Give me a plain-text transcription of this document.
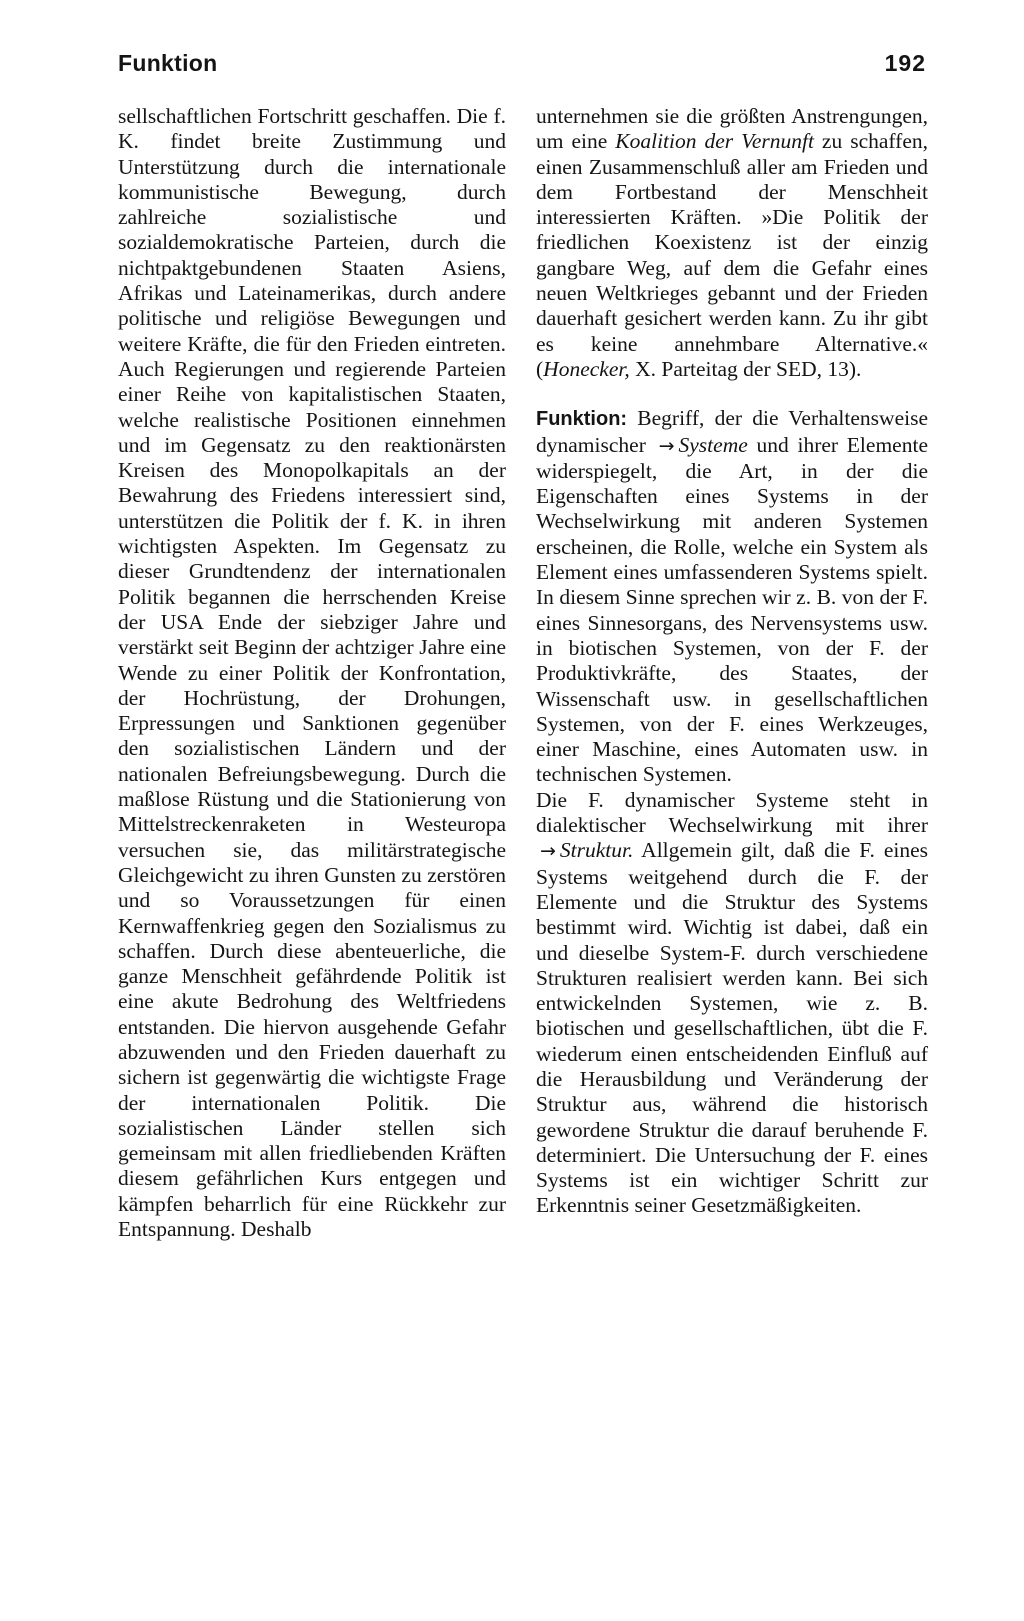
Funktion	192

sellschaftlichen Fortschritt geschaffen. Die f. K. findet breite Zustimmung und Unterstützung durch die internationale kommunistische Bewegung, durch zahlreiche sozialistische und sozialdemokratische Parteien, durch die nichtpaktgebundenen Staaten Asiens, Afrikas und Lateinamerikas, durch andere politische und religiöse Bewegungen und weitere Kräfte, die für den Frieden eintreten. Auch Regierungen und regierende Parteien einer Reihe von kapitalistischen Staaten, welche realistische Positionen einnehmen und im Gegensatz zu den reaktionärsten Kreisen des Monopolkapitals an der Bewahrung des Friedens interessiert sind, unterstützen die Politik der f. K. in ihren wichtigsten Aspekten. Im Gegensatz zu dieser Grundtendenz der internationalen Politik begannen die herrschenden Kreise der USA Ende der siebziger Jahre und verstärkt seit Beginn der achtziger Jahre eine Wende zu einer Politik der Konfrontation, der Hochrüstung, der Drohungen, Erpressungen und Sanktionen gegenüber den sozialistischen Ländern und der nationalen Befreiungsbewegung. Durch die maßlose Rüstung und die Stationierung von Mittelstreckenraketen in Westeuropa versuchen sie, das militärstrategische Gleichgewicht zu ihren Gunsten zu zerstören und so Voraussetzungen für einen Kernwaffenkrieg gegen den Sozialismus zu schaffen. Durch diese abenteuerliche, die ganze Menschheit gefährdende Politik ist eine akute Bedrohung des Weltfriedens entstanden. Die hiervon ausgehende Gefahr abzuwenden und den Frieden dauerhaft zu sichern ist gegenwärtig die wichtigste Frage der internationalen Politik. Die sozialistischen Länder stellen sich gemeinsam mit allen friedliebenden Kräften diesem gefährlichen Kurs entgegen und kämpfen beharrlich für eine Rückkehr zur Entspannung. Deshalb

unternehmen sie die größten Anstrengungen, um eine Koalition der Vernunft zu schaffen, einen Zusammenschluß aller am Frieden und dem Fortbestand der Menschheit interessierten Kräften. »Die Politik der friedlichen Koexistenz ist der einzig gangbare Weg, auf dem die Gefahr eines neuen Weltkrieges gebannt und der Frieden dauerhaft gesichert werden kann. Zu ihr gibt es keine annehmbare Alternative.« (Honecker, X. Parteitag der SED, 13).

Funktion: Begriff, der die Verhaltensweise dynamischer → Systeme und ihrer Elemente widerspiegelt, die Art, in der die Eigenschaften eines Systems in der Wechselwirkung mit anderen Systemen erscheinen, die Rolle, welche ein System als Element eines umfassenderen Systems spielt. In diesem Sinne sprechen wir z. B. von der F. eines Sinnesorgans, des Nervensystems usw. in biotischen Systemen, von der F. der Produktivkräfte, des Staates, der Wissenschaft usw. in gesellschaftlichen Systemen, von der F. eines Werkzeuges, einer Maschine, eines Automaten usw. in technischen Systemen.

Die F. dynamischer Systeme steht in dialektischer Wechselwirkung mit ihrer → Struktur. Allgemein gilt, daß die F. eines Systems weitgehend durch die F. der Elemente und die Struktur des Systems bestimmt wird. Wichtig ist dabei, daß ein und dieselbe System-F. durch verschiedene Strukturen realisiert werden kann. Bei sich entwickelnden Systemen, wie z. B. biotischen und gesellschaftlichen, übt die F. wiederum einen entscheidenden Einfluß auf die Herausbildung und Veränderung der Struktur aus, während die historisch gewordene Struktur die darauf beruhende F. determiniert. Die Untersuchung der F. eines Systems ist ein wichtiger Schritt zur Erkenntnis seiner Gesetzmäßigkeiten.
